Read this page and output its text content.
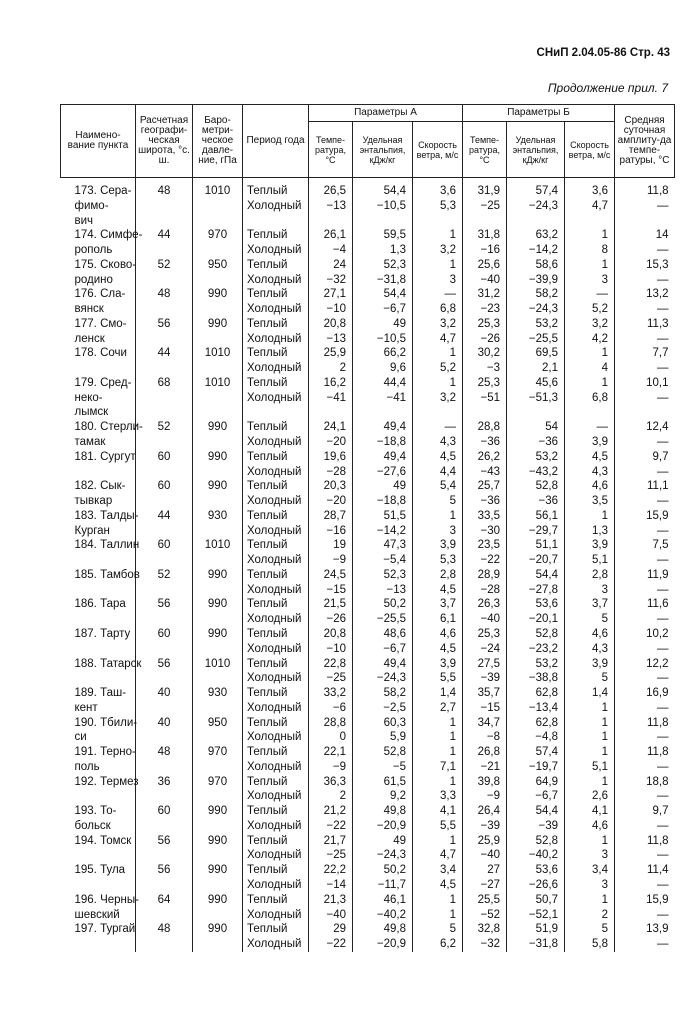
СНиП 2.04.05-86 Стр. 43
Продолжение прил. 7
Наимено-вание пункта	Расчетная географи-ческая широта, °с. ш.	Баро-метри-ческое давле-ние, гПа	Период года	Параметры А			Параметры Б			Средняя суточная амплиту-да темпе-ратуры, °С
				Темпе-ратура, °С	Удельная энтальпия, кДж/кг	Скорость ветра, м/с	Темпе-ратура, °С	Удельная энтальпия, кДж/кг	Скорость ветра, м/с	
173. Сера-	48	1010	Теплый	26,5	54,4	3,6	31,9	57,4	3,6	11,8
фимо-			Холодный	−13	−10,5	5,3	−25	−24,3	4,7	—
вич										
174. Симфе-	44	970	Теплый	26,1	59,5	1	31,8	63,2	1	14
рополь			Холодный	−4	1,3	3,2	−16	−14,2	8	—
175. Сково-	52	950	Теплый	24	52,3	1	25,6	58,6	1	15,3
родино			Холодный	−32	−31,8	3	−40	−39,9	3	—
176. Сла-	48	990	Теплый	27,1	54,4	—	31,2	58,2	—	13,2
вянск			Холодный	−10	−6,7	6,8	−23	−24,3	5,2	—
177. Смо-	56	990	Теплый	20,8	49	3,2	25,3	53,2	3,2	11,3
ленск			Холодный	−13	−10,5	4,7	−26	−25,5	4,2	—
178. Сочи	44	1010	Теплый	25,9	66,2	1	30,2	69,5	1	7,7
			Холодный	2	9,6	5,2	−3	2,1	4	—
179. Сред-	68	1010	Теплый	16,2	44,4	1	25,3	45,6	1	10,1
неко-			Холодный	−41	−41	3,2	−51	−51,3	6,8	—
лымск										
180. Стерли-	52	990	Теплый	24,1	49,4	—	28,8	54	—	12,4
тамак			Холодный	−20	−18,8	4,3	−36	−36	3,9	—
181. Сургут	60	990	Теплый	19,6	49,4	4,5	26,2	53,2	4,5	9,7
			Холодный	−28	−27,6	4,4	−43	−43,2	4,3	—
182. Сык-	60	990	Теплый	20,3	49	5,4	25,7	52,8	4,6	11,1
тывкар			Холодный	−20	−18,8	5	−36	−36	3,5	—
183. Талды-	44	930	Теплый	28,7	51,5	1	33,5	56,1	1	15,9
Курган			Холодный	−16	−14,2	3	−30	−29,7	1,3	—
184. Таллин	60	1010	Теплый	19	47,3	3,9	23,5	51,1	3,9	7,5
			Холодный	−9	−5,4	5,3	−22	−20,7	5,1	—
185. Тамбов	52	990	Теплый	24,5	52,3	2,8	28,9	54,4	2,8	11,9
			Холодный	−15	−13	4,5	−28	−27,8	3	—
186. Тара	56	990	Теплый	21,5	50,2	3,7	26,3	53,6	3,7	11,6
			Холодный	−26	−25,5	6,1	−40	−20,1	5	—
187. Тарту	60	990	Теплый	20,8	48,6	4,6	25,3	52,8	4,6	10,2
			Холодный	−10	−6,7	4,5	−24	−23,2	4,3	—
188. Татарск	56	1010	Теплый	22,8	49,4	3,9	27,5	53,2	3,9	12,2
			Холодный	−25	−24,3	5,5	−39	−38,8	5	—
189. Таш-	40	930	Теплый	33,2	58,2	1,4	35,7	62,8	1,4	16,9
кент			Холодный	−6	−2,5	2,7	−15	−13,4	1	—
190. Тбили-	40	950	Теплый	28,8	60,3	1	34,7	62,8	1	11,8
си			Холодный	0	5,9	1	−8	−4,8	1	—
191. Терно-	48	970	Теплый	22,1	52,8	1	26,8	57,4	1	11,8
поль			Холодный	−9	−5	7,1	−21	−19,7	5,1	—
192. Термез	36	970	Теплый	36,3	61,5	1	39,8	64,9	1	18,8
			Холодный	2	9,2	3,3	−9	−6,7	2,6	—
193. То-	60	990	Теплый	21,2	49,8	4,1	26,4	54,4	4,1	9,7
больск			Холодный	−22	−20,9	5,5	−39	−39	4,6	—
194. Томск	56	990	Теплый	21,7	49	1	25,9	52,8	1	11,8
			Холодный	−25	−24,3	4,7	−40	−40,2	3	—
195. Тула	56	990	Теплый	22,2	50,2	3,4	27	53,6	3,4	11,4
			Холодный	−14	−11,7	4,5	−27	−26,6	3	—
196. Черны-	64	990	Теплый	21,3	46,1	1	25,5	50,7	1	15,9
шевский			Холодный	−40	−40,2	1	−52	−52,1	2	—
197. Тургай	48	990	Теплый	29	49,8	5	32,8	51,9	5	13,9
			Холодный	−22	−20,9	6,2	−32	−31,8	5,8	—
